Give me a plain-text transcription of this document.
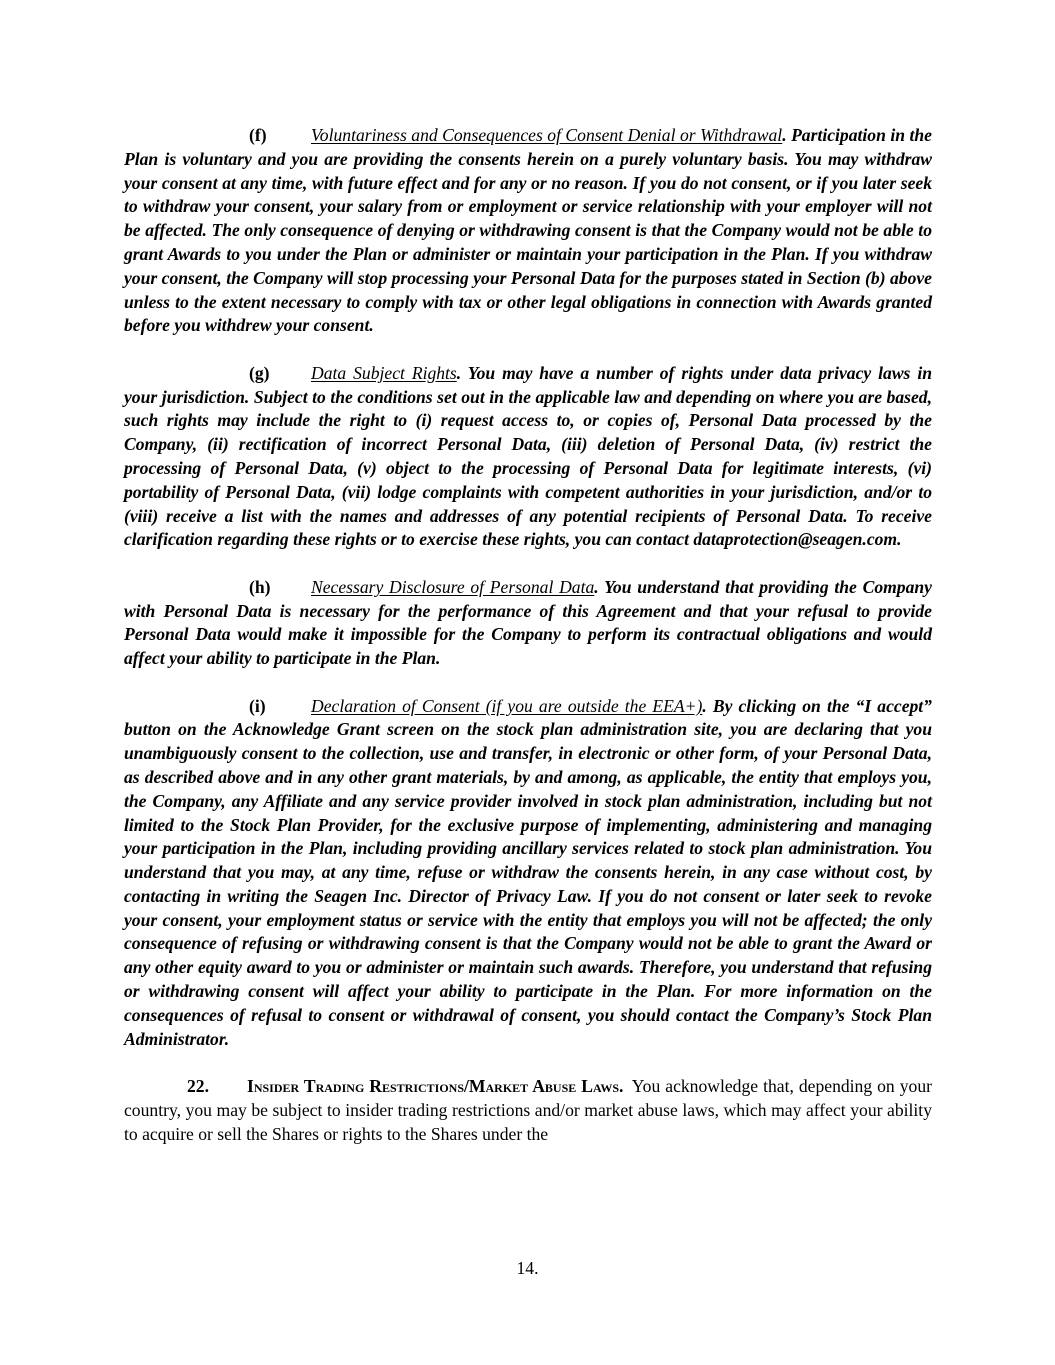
(f)	Voluntariness and Consequences of Consent Denial or Withdrawal. Participation in the Plan is voluntary and you are providing the consents herein on a purely voluntary basis. You may withdraw your consent at any time, with future effect and for any or no reason. If you do not consent, or if you later seek to withdraw your consent, your salary from or employment or service relationship with your employer will not be affected. The only consequence of denying or withdrawing consent is that the Company would not be able to grant Awards to you under the Plan or administer or maintain your participation in the Plan. If you withdraw your consent, the Company will stop processing your Personal Data for the purposes stated in Section (b) above unless to the extent necessary to comply with tax or other legal obligations in connection with Awards granted before you withdrew your consent.

(g) Data Subject Rights. You may have a number of rights under data privacy laws in your jurisdiction. Subject to the conditions set out in the applicable law and depending on where you are based, such rights may include the right to (i) request access to, or copies of, Personal Data processed by the Company, (ii) rectification of incorrect Personal Data, (iii) deletion of Personal Data, (iv) restrict the processing of Personal Data, (v) object to the processing of Personal Data for legitimate interests, (vi) portability of Personal Data, (vii) lodge complaints with competent authorities in your jurisdiction, and/or to (viii) receive a list with the names and addresses of any potential recipients of Personal Data. To receive clarification regarding these rights or to exercise these rights, you can contact dataprotection@seagen.com.

(h) Necessary Disclosure of Personal Data. You understand that providing the Company with Personal Data is necessary for the performance of this Agreement and that your refusal to provide Personal Data would make it impossible for the Company to perform its contractual obligations and would affect your ability to participate in the Plan.

(i)	Declaration of Consent (if you are outside the EEA+). By clicking on the “I accept” button on the Acknowledge Grant screen on the stock plan administration site, you are declaring that you unambiguously consent to the collection, use and transfer, in electronic or other form, of your Personal Data, as described above and in any other grant materials, by and among, as applicable, the entity that employs you, the Company, any Affiliate and any service provider involved in stock plan administration, including but not limited to the Stock Plan Provider, for the exclusive purpose of implementing, administering and managing your participation in the Plan, including providing ancillary services related to stock plan administration. You understand that you may, at any time, refuse or withdraw the consents herein, in any case without cost, by contacting in writing the Seagen Inc. Director of Privacy Law. If you do not consent or later seek to revoke your consent, your employment status or service with the entity that employs you will not be affected; the only consequence of refusing or withdrawing consent is that the Company would not be able to grant the Award or any other equity award to you or administer or maintain such awards. Therefore, you understand that refusing or withdrawing consent will affect your ability to participate in the Plan. For more information on the consequences of refusal to consent or withdrawal of consent, you should contact the Company’s Stock Plan Administrator.

22. Insider Trading Restrictions/Market Abuse Laws. You acknowledge that, depending on your country, you may be subject to insider trading restrictions and/or market abuse laws, which may affect your ability to acquire or sell the Shares or rights to the Shares under the

14.
